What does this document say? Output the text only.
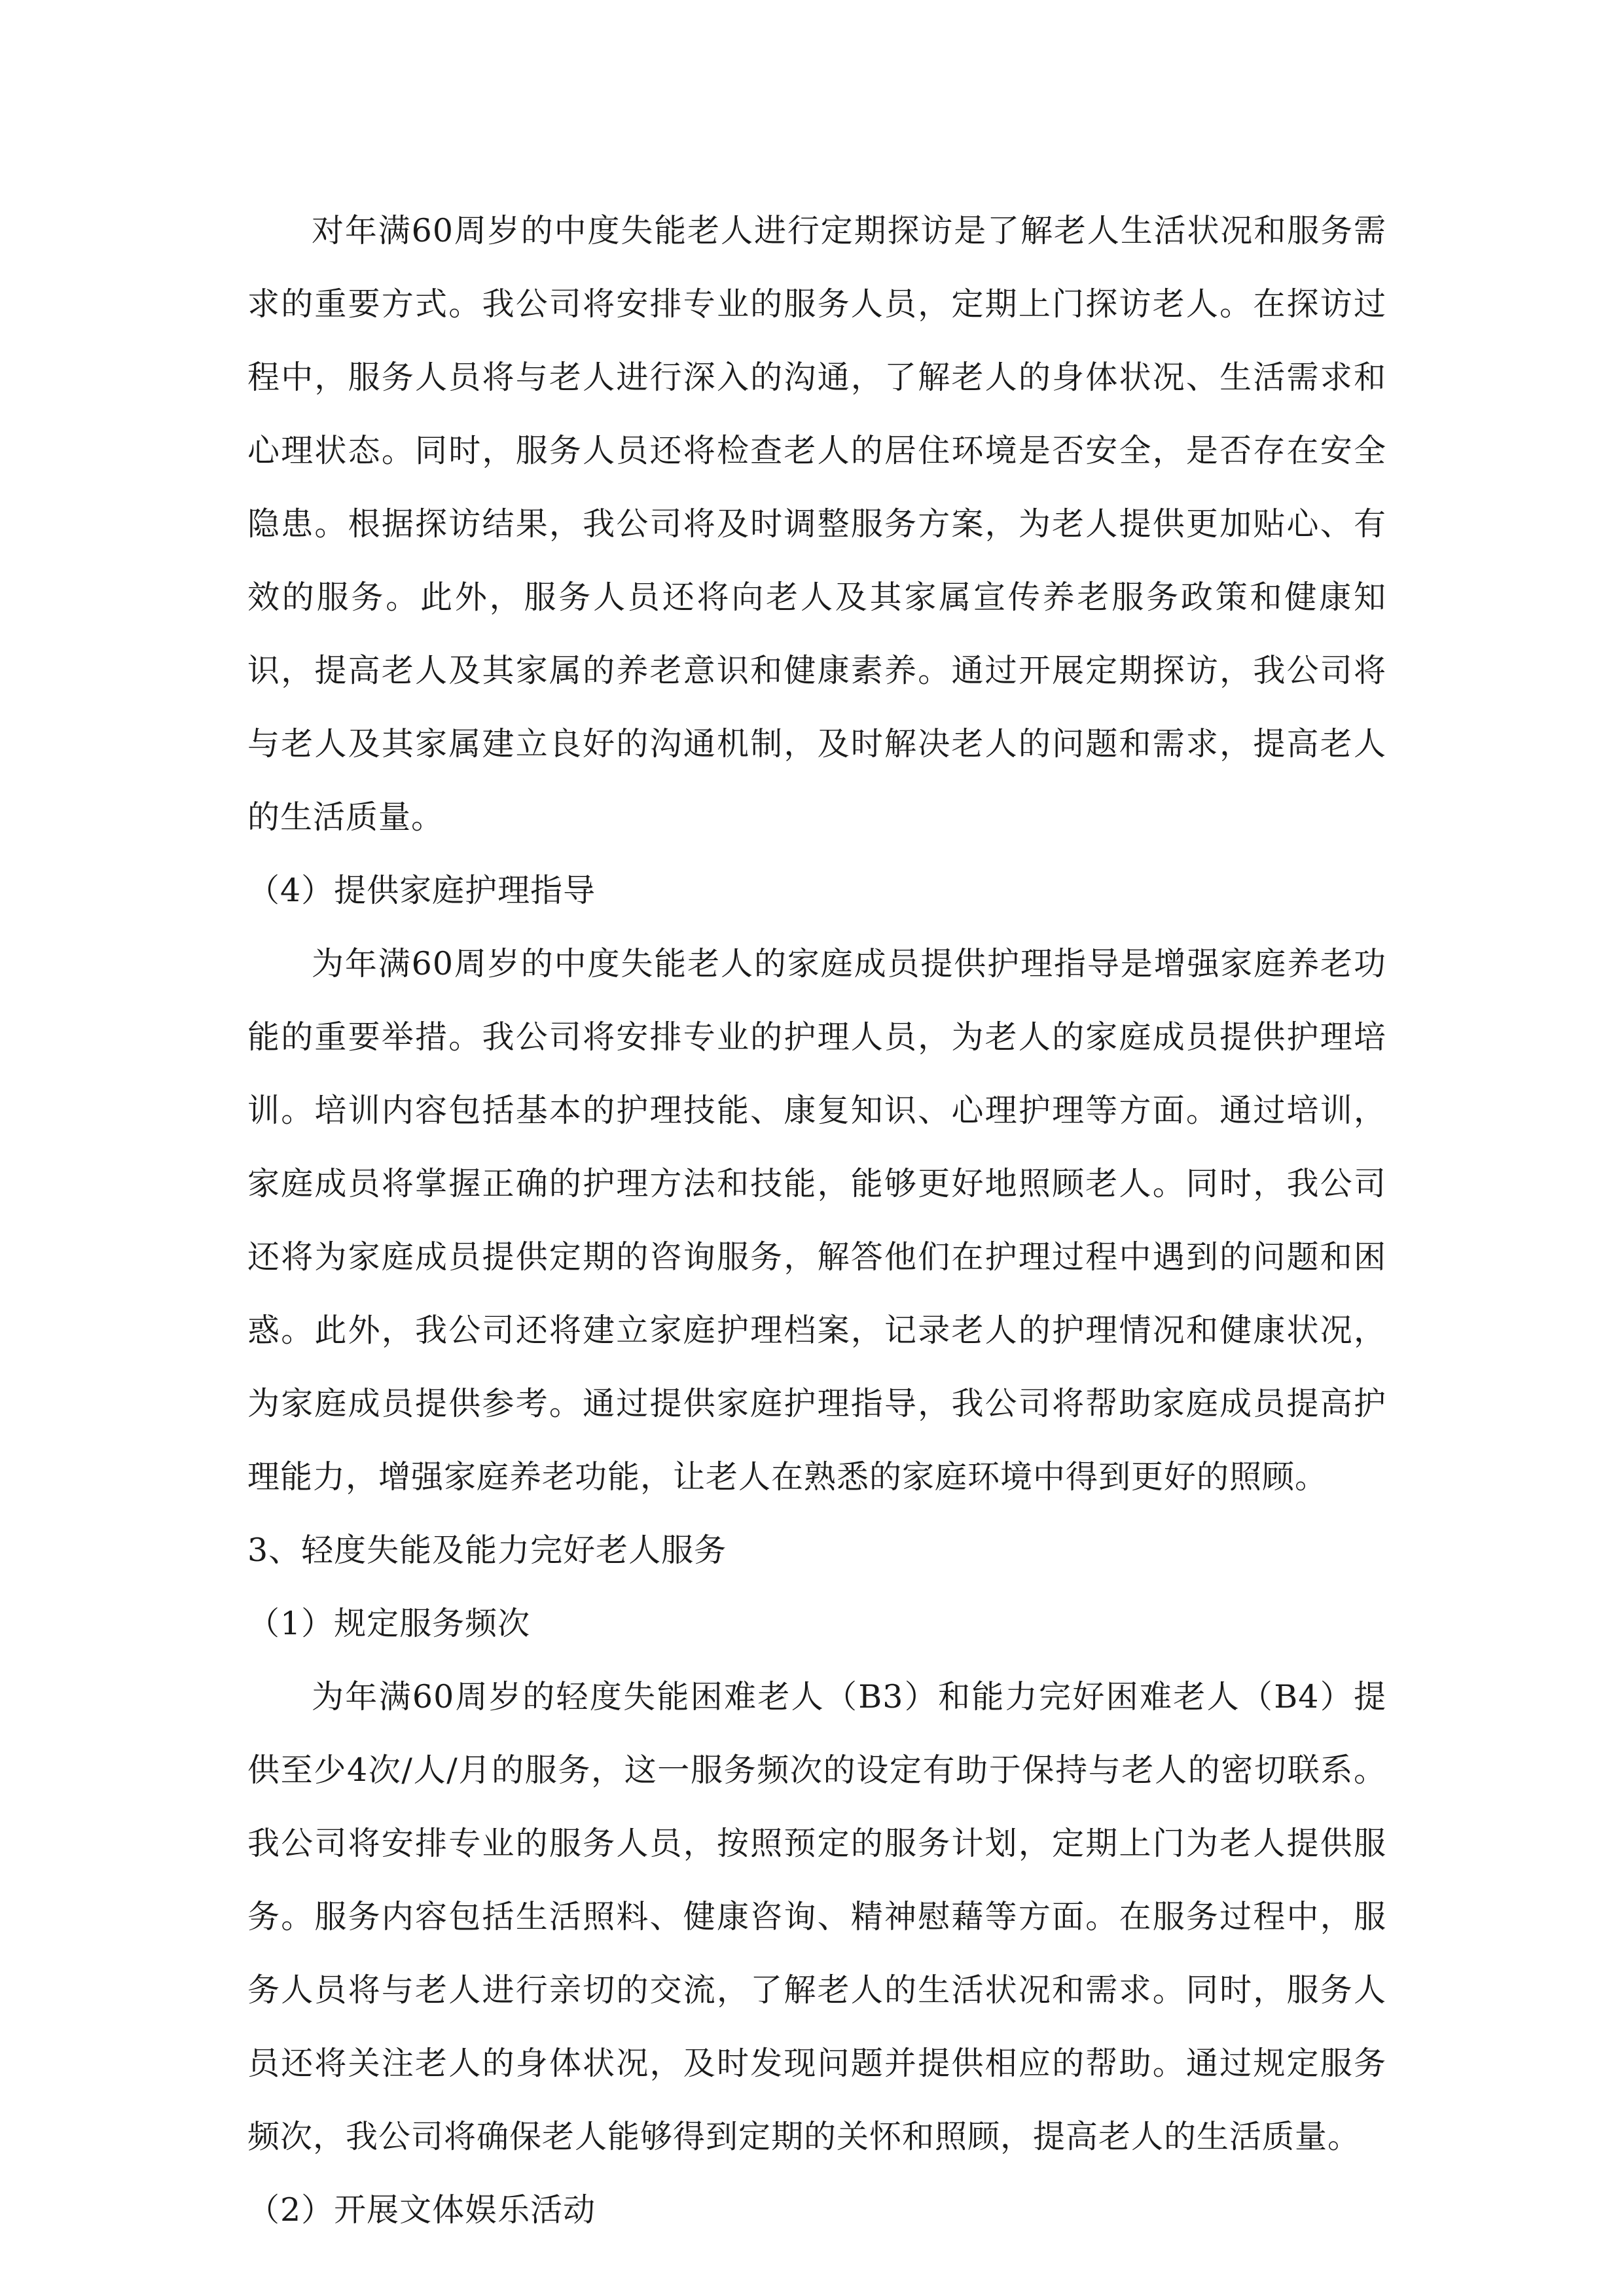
对年满60周岁的中度失能老人进行定期探访是了解老人生活状况和服务需求的重要方式。我公司将安排专业的服务人员，定期上门探访老人。在探访过程中，服务人员将与老人进行深入的沟通，了解老人的身体状况、生活需求和心理状态。同时，服务人员还将检查老人的居住环境是否安全，是否存在安全隐患。根据探访结果，我公司将及时调整服务方案，为老人提供更加贴心、有效的服务。此外，服务人员还将向老人及其家属宣传养老服务政策和健康知识，提高老人及其家属的养老意识和健康素养。通过开展定期探访，我公司将与老人及其家属建立良好的沟通机制，及时解决老人的问题和需求，提高老人的生活质量。

（4）提供家庭护理指导

为年满60周岁的中度失能老人的家庭成员提供护理指导是增强家庭养老功能的重要举措。我公司将安排专业的护理人员，为老人的家庭成员提供护理培训。培训内容包括基本的护理技能、康复知识、心理护理等方面。通过培训，家庭成员将掌握正确的护理方法和技能，能够更好地照顾老人。同时，我公司还将为家庭成员提供定期的咨询服务，解答他们在护理过程中遇到的问题和困惑。此外，我公司还将建立家庭护理档案，记录老人的护理情况和健康状况，为家庭成员提供参考。通过提供家庭护理指导，我公司将帮助家庭成员提高护理能力，增强家庭养老功能，让老人在熟悉的家庭环境中得到更好的照顾。

3、轻度失能及能力完好老人服务

（1）规定服务频次

为年满60周岁的轻度失能困难老人（B3）和能力完好困难老人（B4）提供至少4次/人/月的服务，这一服务频次的设定有助于保持与老人的密切联系。我公司将安排专业的服务人员，按照预定的服务计划，定期上门为老人提供服务。服务内容包括生活照料、健康咨询、精神慰藉等方面。在服务过程中，服务人员将与老人进行亲切的交流，了解老人的生活状况和需求。同时，服务人员还将关注老人的身体状况，及时发现问题并提供相应的帮助。通过规定服务频次，我公司将确保老人能够得到定期的关怀和照顾，提高老人的生活质量。

（2）开展文体娱乐活动
